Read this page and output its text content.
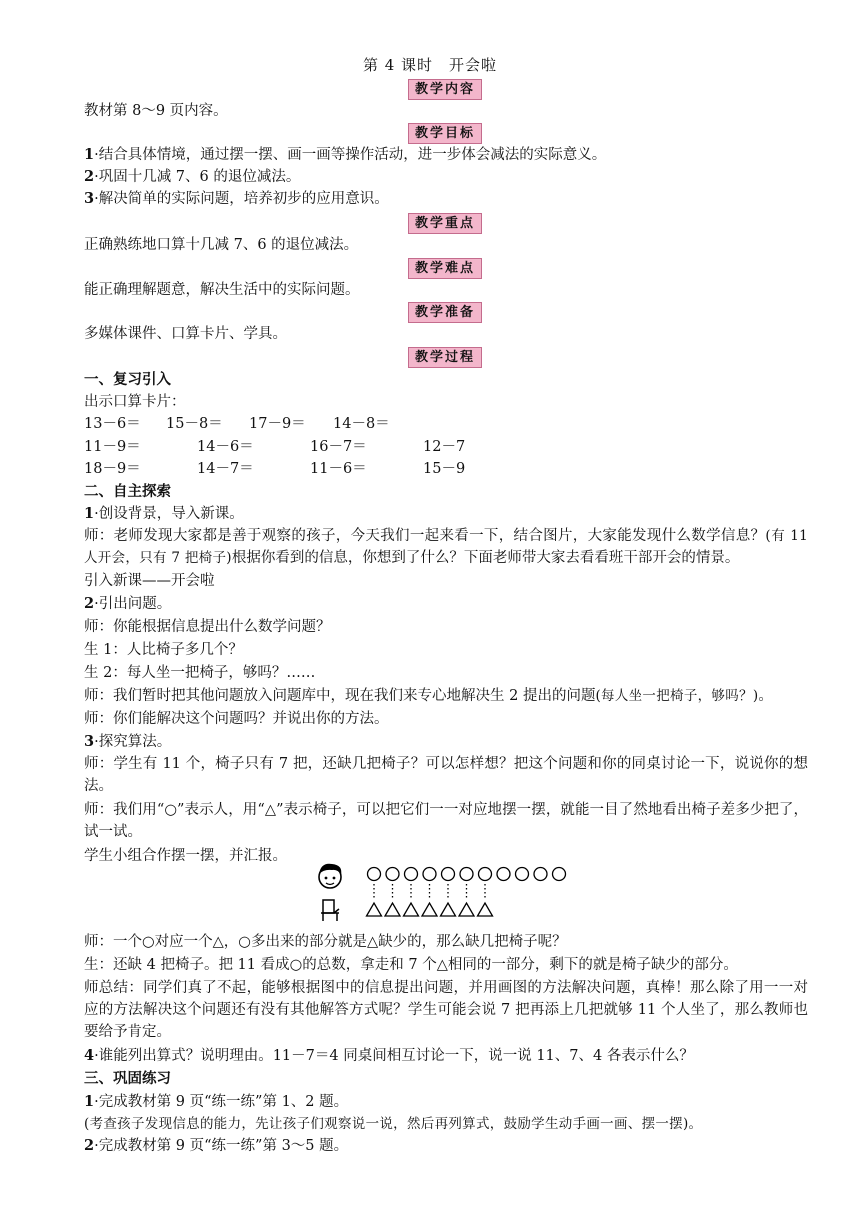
第 4 课时　开会啦
教学内容
教材第 8～9 页内容。
教学目标
1·结合具体情境，通过摆一摆、画一画等操作活动，进一步体会减法的实际意义。
2·巩固十几减 7、6 的退位减法。
3·解决简单的实际问题，培养初步的应用意识。
教学重点
正确熟练地口算十几减 7、6 的退位减法。
教学难点
能正确理解题意，解决生活中的实际问题。
教学准备
多媒体课件、口算卡片、学具。
教学过程
一、复习引入
出示口算卡片：
13－6＝ 15－8＝ 17－9＝ 14－8＝
11－9＝	14－6＝	16－7＝	12－7
18－9＝	14－7＝	11－6＝	15－9
二、自主探索
1·创设背景，导入新课。
师：老师发现大家都是善于观察的孩子，今天我们一起来看一下，结合图片，大家能发现什么数学信息？(有 11 人开会，只有 7 把椅子)根据你看到的信息，你想到了什么？下面老师带大家去看看班干部开会的情景。
引入新课——开会啦
2·引出问题。
师：你能根据信息提出什么数学问题？
生 1：人比椅子多几个？
生 2：每人坐一把椅子，够吗？……
师：我们暂时把其他问题放入问题库中，现在我们来专心地解决生 2 提出的问题(每人坐一把椅子，够吗？)。
师：你们能解决这个问题吗？并说出你的方法。
3·探究算法。
师：学生有 11 个，椅子只有 7 把，还缺几把椅子？可以怎样想？把这个问题和你的同桌讨论一下，说说你的想法。
师：我们用“○”表示人，用“△”表示椅子，可以把它们一一对应地摆一摆，就能一目了然地看出椅子差多少把了，试一试。
学生小组合作摆一摆，并汇报。
师：一个○对应一个△，○多出来的部分就是△缺少的，那么缺几把椅子呢？
生：还缺 4 把椅子。把 11 看成○的总数，拿走和 7 个△相同的一部分，剩下的就是椅子缺少的部分。
师总结：同学们真了不起，能够根据图中的信息提出问题，并用画图的方法解决问题，真棒！那么除了用一一对应的方法解决这个问题还有没有其他解答方式呢？学生可能会说 7 把再添上几把就够 11 个人坐了，那么教师也要给予肯定。
4·谁能列出算式？说明理由。11－7＝4 同桌间相互讨论一下，说一说 11、7、4 各表示什么？
三、巩固练习
1·完成教材第 9 页“练一练”第 1、2 题。
(考查孩子发现信息的能力，先让孩子们观察说一说，然后再列算式，鼓励学生动手画一画、摆一摆)。
2·完成教材第 9 页“练一练”第 3～5 题。
